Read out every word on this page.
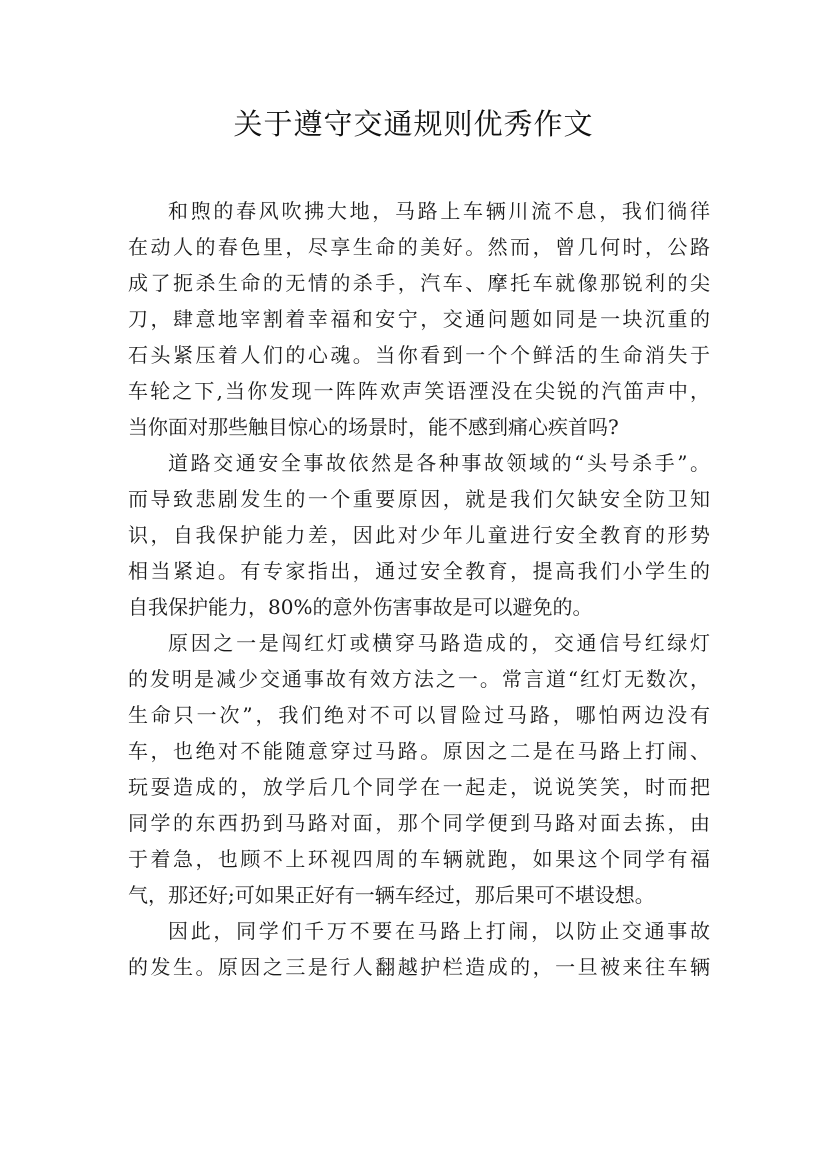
关于遵守交通规则优秀作文
和煦的春风吹拂大地，马路上车辆川流不息，我们徜徉
在动人的春色里，尽享生命的美好。然而，曾几何时，公路
成了扼杀生命的无情的杀手，汽车、摩托车就像那锐利的尖
刀，肆意地宰割着幸福和安宁，交通问题如同是一块沉重的
石头紧压着人们的心魂。当你看到一个个鲜活的生命消失于
车轮之下,当你发现一阵阵欢声笑语湮没在尖锐的汽笛声中，
当你面对那些触目惊心的场景时，能不感到痛心疾首吗?
道路交通安全事故依然是各种事故领域的“头号杀手”。
而导致悲剧发生的一个重要原因，就是我们欠缺安全防卫知
识，自我保护能力差，因此对少年儿童进行安全教育的形势
相当紧迫。有专家指出，通过安全教育，提高我们小学生的
自我保护能力，80%的意外伤害事故是可以避免的。
原因之一是闯红灯或横穿马路造成的，交通信号红绿灯
的发明是减少交通事故有效方法之一。常言道“红灯无数次，
生命只一次”，我们绝对不可以冒险过马路，哪怕两边没有
车，也绝对不能随意穿过马路。原因之二是在马路上打闹、
玩耍造成的，放学后几个同学在一起走，说说笑笑，时而把
同学的东西扔到马路对面，那个同学便到马路对面去拣，由
于着急，也顾不上环视四周的车辆就跑，如果这个同学有福
气，那还好;可如果正好有一辆车经过，那后果可不堪设想。
因此，同学们千万不要在马路上打闹，以防止交通事故
的发生。原因之三是行人翻越护栏造成的，一旦被来往车辆
